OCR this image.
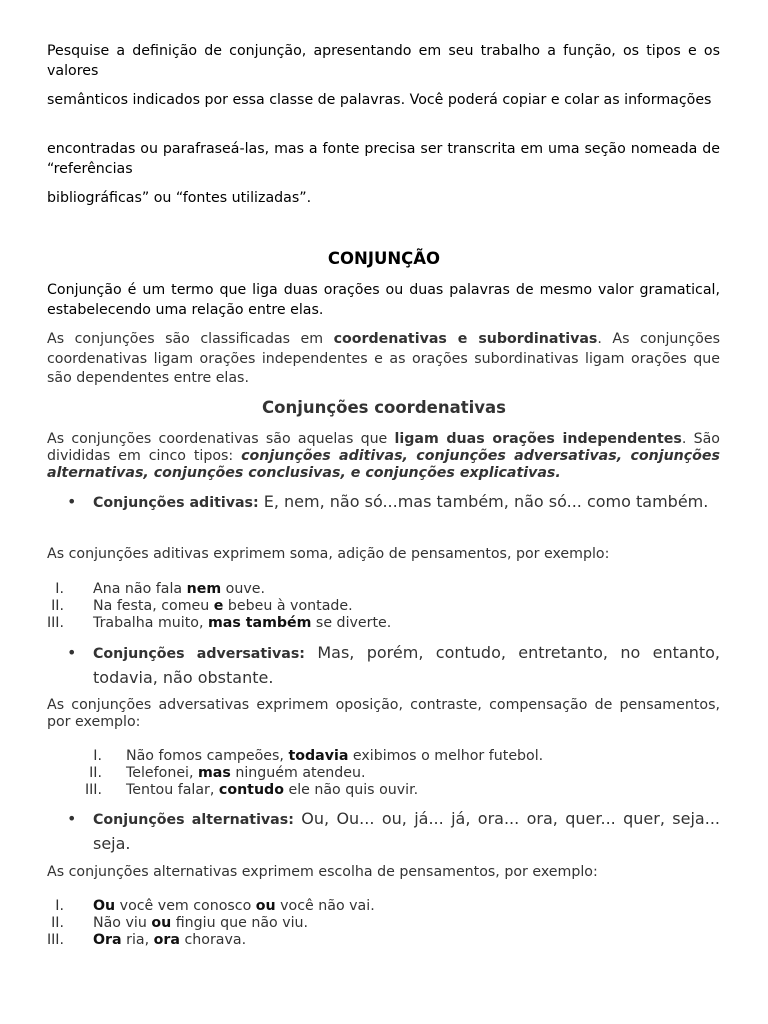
Pesquise a definição de conjunção, apresentando em seu trabalho a função, os tipos e os valores

semânticos indicados por essa classe de palavras. Você poderá copiar e colar as informações

encontradas ou parafraseá-las, mas a fonte precisa ser transcrita em uma seção nomeada de “referências

bibliográficas” ou “fontes utilizadas”.

CONJUNÇÃO

Conjunção é um termo que liga duas orações ou duas palavras de mesmo valor gramatical, estabelecendo uma relação entre elas.

As conjunções são classificadas em coordenativas e subordinativas. As conjunções coordenativas ligam orações independentes e as orações subordinativas ligam orações que são dependentes entre elas.

Conjunções coordenativas

As conjunções coordenativas são aquelas que ligam duas orações independentes. São divididas em cinco tipos: conjunções aditivas, conjunções adversativas, conjunções alternativas, conjunções conclusivas, e conjunções explicativas.

• Conjunções aditivas: E, nem, não só...mas também, não só... como também.

As conjunções aditivas exprimem soma, adição de pensamentos, por exemplo:

I. Ana não fala nem ouve.
II. Na festa, comeu e bebeu à vontade.
III. Trabalha muito, mas também se diverte.

• Conjunções adversativas: Mas, porém, contudo, entretanto, no entanto, todavia, não obstante.

As conjunções adversativas exprimem oposição, contraste, compensação de pensamentos, por exemplo:

I. Não fomos campeões, todavia exibimos o melhor futebol.
II. Telefonei, mas ninguém atendeu.
III. Tentou falar, contudo ele não quis ouvir.

• Conjunções alternativas: Ou, Ou... ou, já... já, ora... ora, quer... quer, seja... seja.

As conjunções alternativas exprimem escolha de pensamentos, por exemplo:

I. Ou você vem conosco ou você não vai.
II. Não viu ou fingiu que não viu.
III. Ora ria, ora chorava.
